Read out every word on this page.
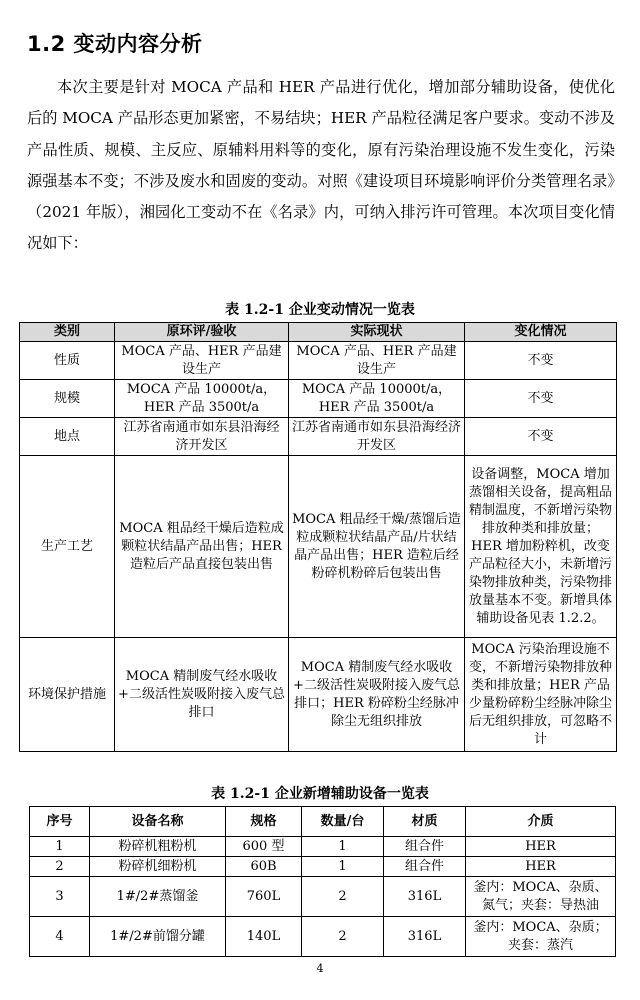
1.2 变动内容分析

本次主要是针对 MOCA 产品和 HER 产品进行优化，增加部分辅助设备，使优化后的 MOCA 产品形态更加紧密，不易结块；HER 产品粒径满足客户要求。变动不涉及产品性质、规模、主反应、原辅料用料等的变化，原有污染治理设施不发生变化，污染源强基本不变；不涉及废水和固废的变动。对照《建设项目环境影响评价分类管理名录》（2021 年版），湘园化工变动不在《名录》内，可纳入排污许可管理。本次项目变化情况如下：

表 1.2-1 企业变动情况一览表

类别	原环评/验收	实际现状	变化情况
性质	MOCA 产品、HER 产品建设生产	MOCA 产品、HER 产品建设生产	不变
规模	MOCA 产品 10000t/a，HER 产品 3500t/a	MOCA 产品 10000t/a，HER 产品 3500t/a	不变
地点	江苏省南通市如东县沿海经济开发区	江苏省南通市如东县沿海经济开发区	不变
生产工艺	MOCA 粗品经干燥后造粒成颗粒状结晶产品出售；HER 造粒后产品直接包装出售	MOCA 粗品经干燥/蒸馏后造粒成颗粒状结晶产品/片状结晶产品出售；HER 造粒后经粉碎机粉碎后包装出售	设备调整，MOCA 增加蒸馏相关设备，提高粗品精制温度，不新增污染物排放种类和排放量；HER 增加粉粹机，改变产品粒径大小，未新增污染物排放种类，污染物排放量基本不变。新增具体辅助设备见表 1.2.2。
环境保护措施	MOCA 精制废气经水吸收+二级活性炭吸附接入废气总排口	MOCA 精制废气经水吸收+二级活性炭吸附接入废气总排口；HER 粉碎粉尘经脉冲除尘无组织排放	MOCA 污染治理设施不变，不新增污染物排放种类和排放量；HER 产品少量粉碎粉尘经脉冲除尘后无组织排放，可忽略不计

表 1.2-1 企业新增辅助设备一览表

序号	设备名称	规格	数量/台	材质	介质
1	粉碎机粗粉机	600 型	1	组合件	HER
2	粉碎机细粉机	60B	1	组合件	HER
3	1#/2#蒸馏釜	760L	2	316L	釜内：MOCA、杂质、氮气；夹套：导热油
4	1#/2#前馏分罐	140L	2	316L	釜内：MOCA、杂质；夹套：蒸汽
4
